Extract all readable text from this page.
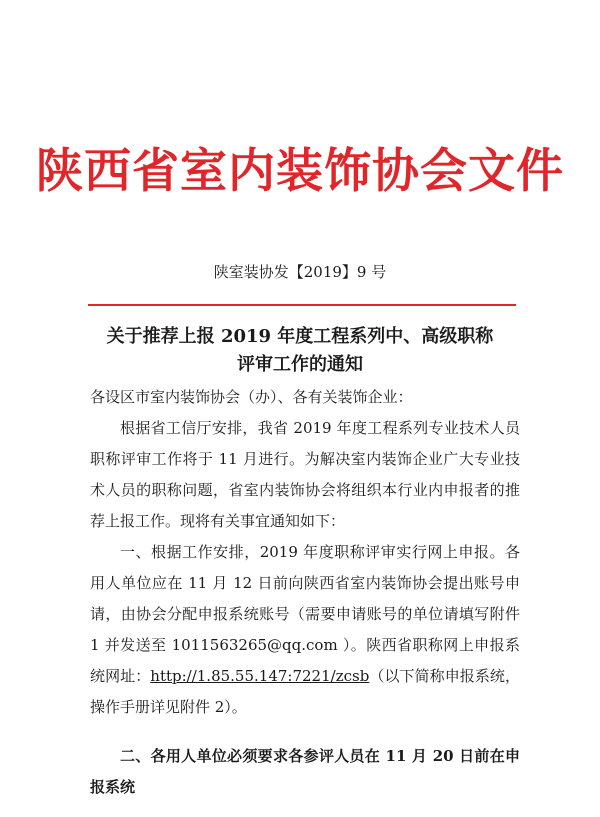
陕西省室内装饰协会文件
陕室装协发【2019】9 号
关于推荐上报 2019 年度工程系列中、高级职称
评审工作的通知

各设区市室内装饰协会（办）、各有关装饰企业：

根据省工信厅安排，我省 2019 年度工程系列专业技术人员职称评审工作将于 11 月进行。为解决室内装饰企业广大专业技术人员的职称问题，省室内装饰协会将组织本行业内申报者的推荐上报工作。现将有关事宜通知如下：

一、根据工作安排，2019 年度职称评审实行网上申报。各用人单位应在 11 月 12 日前向陕西省室内装饰协会提出账号申请，由协会分配申报系统账号（需要申请账号的单位请填写附件 1 并发送至 1011563265@qq.com ）。陕西省职称网上申报系统网址：http://1.85.55.147:7221/zcsb（以下简称申报系统，操作手册详见附件 2）。

二、各用人单位必须要求各参评人员在 11 月 20 日前在申报系统
